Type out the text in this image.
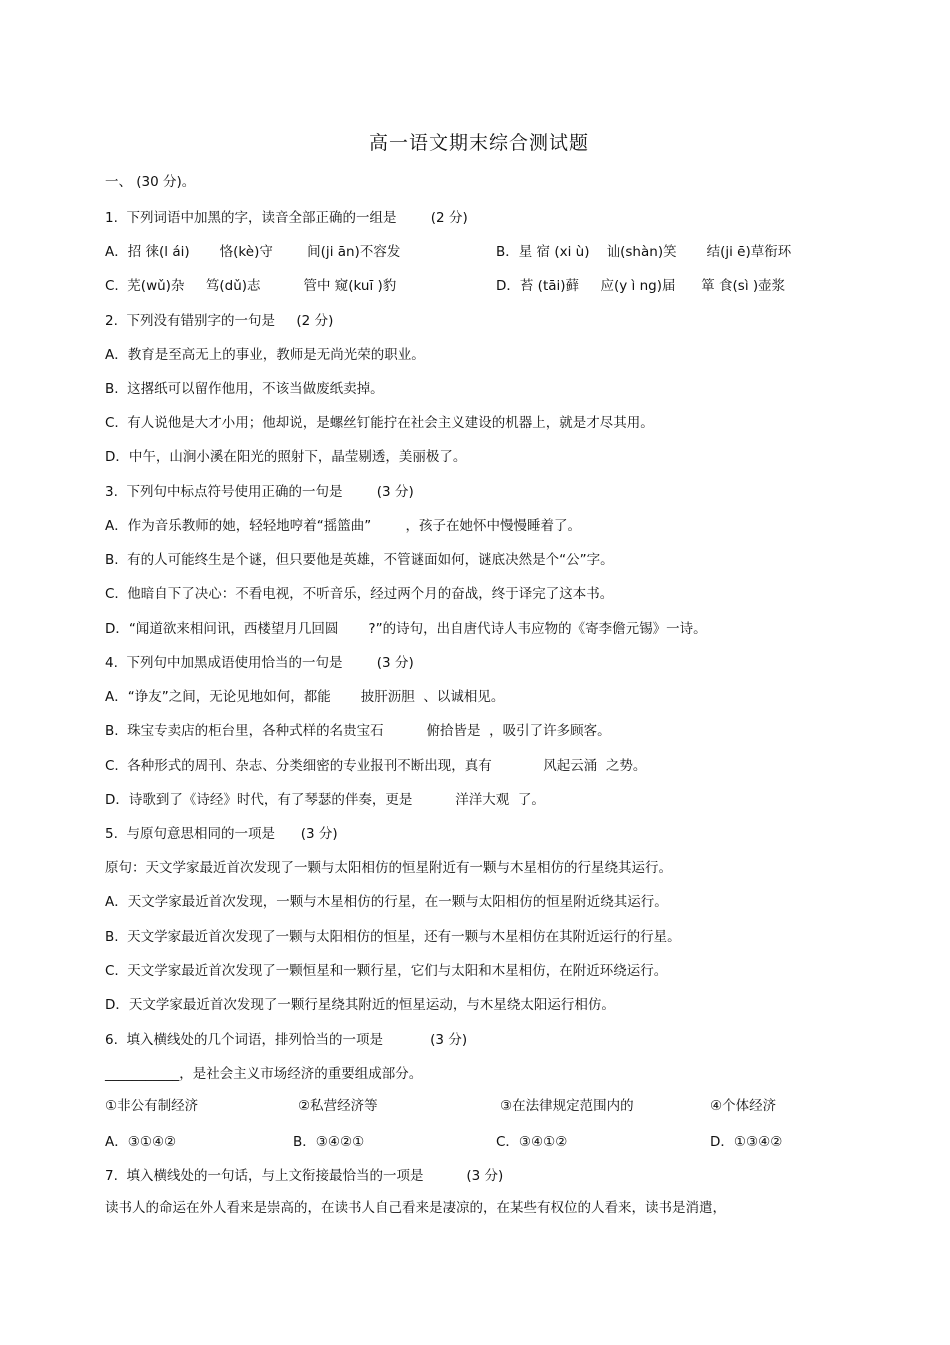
高一语文期末综合测试题
一、 (30 分)。
1.  下列词语中加黑的字，读音全部正确的一组是        (2 分)
A．招 徕(l ái)       恪(kè)守        间(ji ān)不容发	B．星 宿 (xi ù)    讪(shàn)笑       结(ji ē)草衔环
C.  芜(wǔ)杂     笃(dǔ)志          管中 窥(kuī )豹	D．苔 (tāi)藓     应(y ì ng)届      箪 食(sì )壶浆
2.  下列没有错别字的一句是     (2 分)
A．教育是至高无上的事业，教师是无尚光荣的职业。
B.  这撂纸可以留作他用，不该当做废纸卖掉。
C.  有人说他是大才小用；他却说，是螺丝钉能拧在社会主义建设的机器上，就是才尽其用。
D．中午，山涧小溪在阳光的照射下，晶莹剔透，美丽极了。
3.  下列句中标点符号使用正确的一句是        (3 分)
A．作为音乐教师的她，轻轻地哼着“摇篮曲”        ，孩子在她怀中慢慢睡着了。
B.  有的人可能终生是个谜，但只要他是英雄，不管谜面如何，谜底决然是个“公”字。
C.  他暗自下了决心：不看电视，不听音乐，经过两个月的奋战，终于译完了这本书。
D．“闻道欲来相问讯，西楼望月几回圆       ?”的诗句，出自唐代诗人韦应物的《寄李儋元锡》一诗。
4.  下列句中加黑成语使用恰当的一句是        (3 分)
A．“诤友”之间，无论见地如何，都能       披肝沥胆  、以诚相见。
B.  珠宝专卖店的柜台里，各种式样的名贵宝石          俯拾皆是  ，吸引了许多顾客。
C.  各种形式的周刊、杂志、分类细密的专业报刊不断出现，真有            风起云涌  之势。
D．诗歌到了《诗经》时代，有了琴瑟的伴奏，更是          洋洋大观  了。
5.  与原句意思相同的一项是      (3 分)
原句：天文学家最近首次发现了一颗与太阳相仿的恒星附近有一颗与木星相仿的行星绕其运行。
A．天文学家最近首次发现，一颗与木星相仿的行星，在一颗与太阳相仿的恒星附近绕其运行。
B.  天文学家最近首次发现了一颗与太阳相仿的恒星，还有一颗与木星相仿在其附近运行的行星。
C.  天文学家最近首次发现了一颗恒星和一颗行星，它们与太阳和木星相仿，在附近环绕运行。
D．天文学家最近首次发现了一颗行星绕其附近的恒星运动，与木星绕太阳运行相仿。
6.  填入横线处的几个词语，排列恰当的一项是           (3 分)
___________，是社会主义市场经济的重要组成部分。
①非公有制经济	②私营经济等	③在法律规定范围内的	④个体经济
A．③①④②	B．③④②①	C．③④①②	D．①③④②
7.  填入横线处的一句话，与上文衔接最恰当的一项是          (3 分)
读书人的命运在外人看来是崇高的，在读书人自己看来是凄凉的，在某些有权位的人看来，读书是消遣，
